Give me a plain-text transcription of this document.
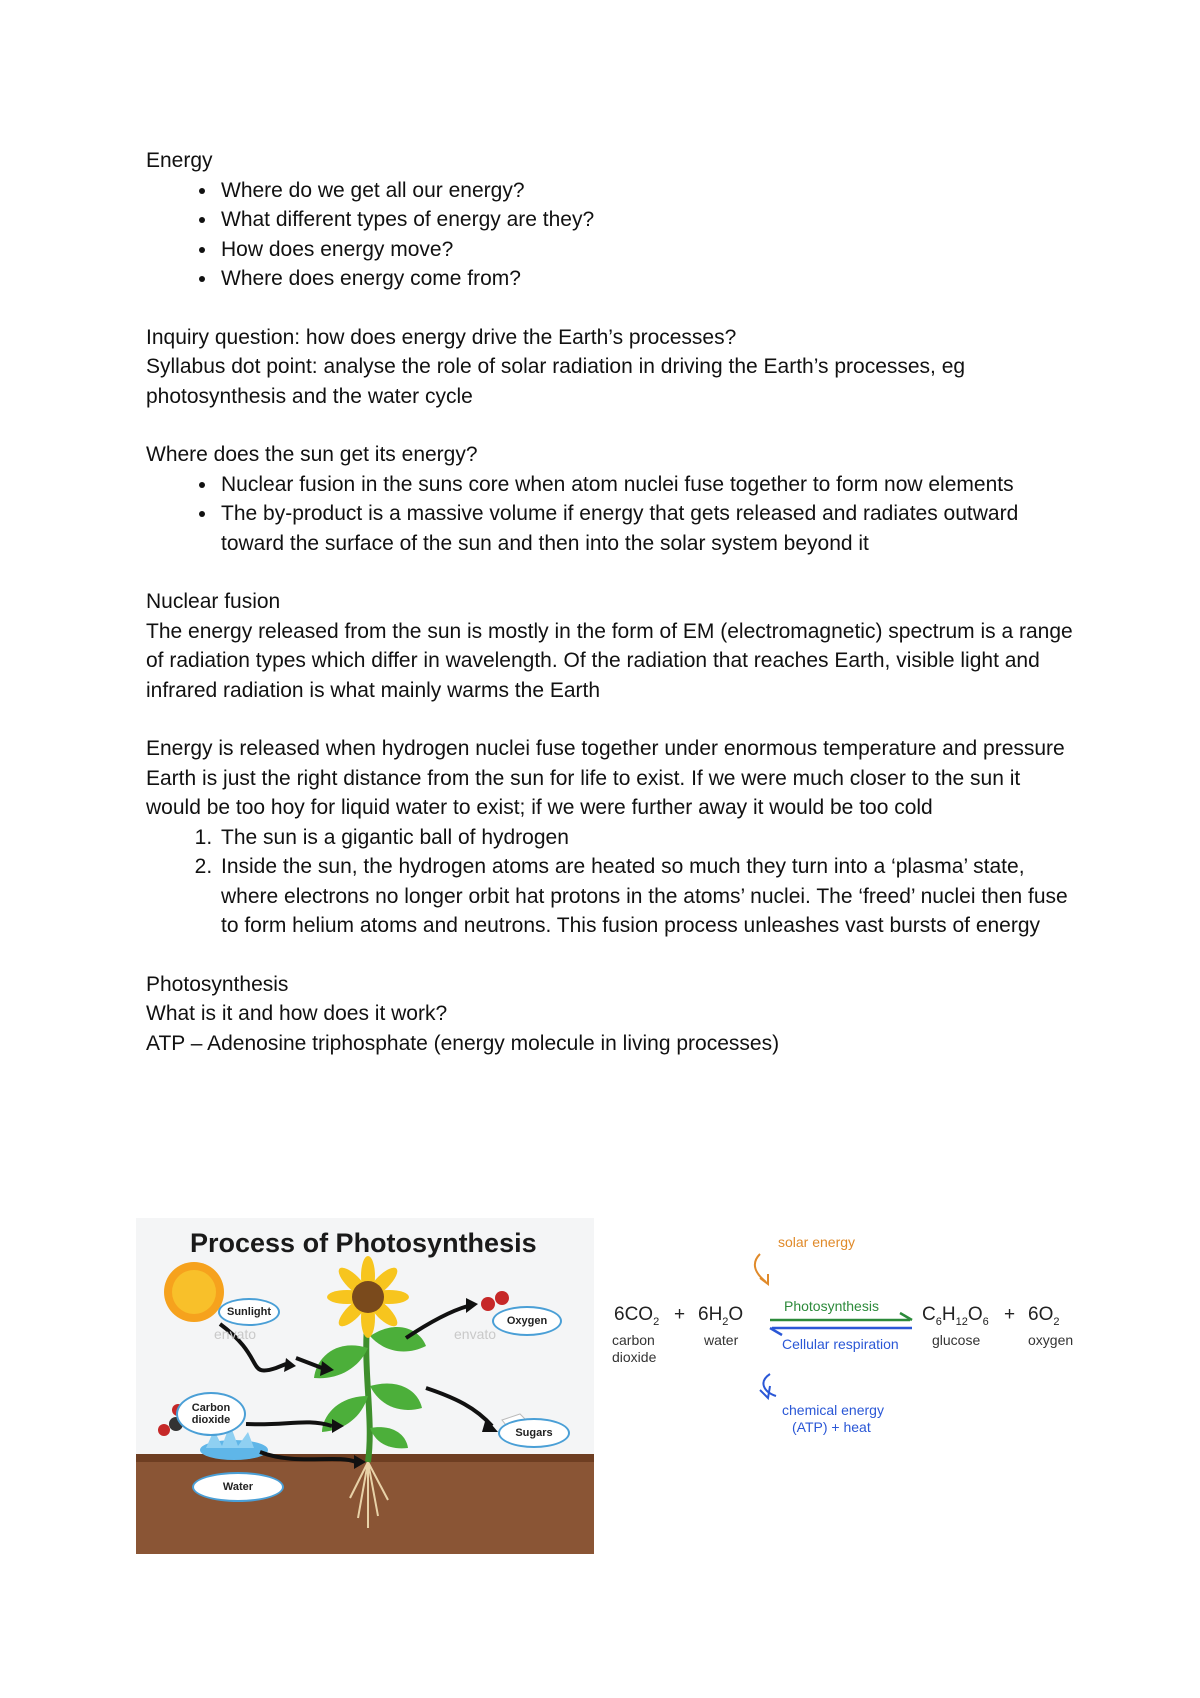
Energy

• Where do we get all our energy?
• What different types of energy are they?
• How does energy move?
• Where does energy come from?

Inquiry question: how does energy drive the Earth’s processes?

Syllabus dot point: analyse the role of solar radiation in driving the Earth’s processes, eg photosynthesis and the water cycle

Where does the sun get its energy?

• Nuclear fusion in the suns core when atom nuclei fuse together to form now elements
• The by-product is a massive volume if energy that gets released and radiates outward toward the surface of the sun and then into the solar system beyond it

Nuclear fusion

The energy released from the sun is mostly in the form of EM (electromagnetic) spectrum is a range of radiation types which differ in wavelength. Of the radiation that reaches Earth, visible light and infrared radiation is what mainly warms the Earth

Energy is released when hydrogen nuclei fuse together under enormous temperature and pressure

Earth is just the right distance from the sun for life to exist. If we were much closer to the sun it would be too hoy for liquid water to exist; if we were further away it would be too cold

1. The sun is a gigantic ball of hydrogen
2. Inside the sun, the hydrogen atoms are heated so much they turn into a ‘plasma’ state, where electrons no longer orbit hat protons in the atoms’ nuclei. The ‘freed’ nuclei then fuse to form helium atoms and neutrons. This fusion process unleashes vast bursts of energy

Photosynthesis

What is it and how does it work?

ATP – Adenosine triphosphate (energy molecule in living processes)

Process of Photosynthesis
envato	envato
Sunlight
Oxygen
Carbon dioxide
Sugars
Water
solar energy
Photosynthesis
Cellular respiration
chemical energy
(ATP) + heat
$6CO_2 + 6H_2O$	$C_6H_{12}O_6 + 6O_2$
carbon dioxide
water	glucose	oxygen
